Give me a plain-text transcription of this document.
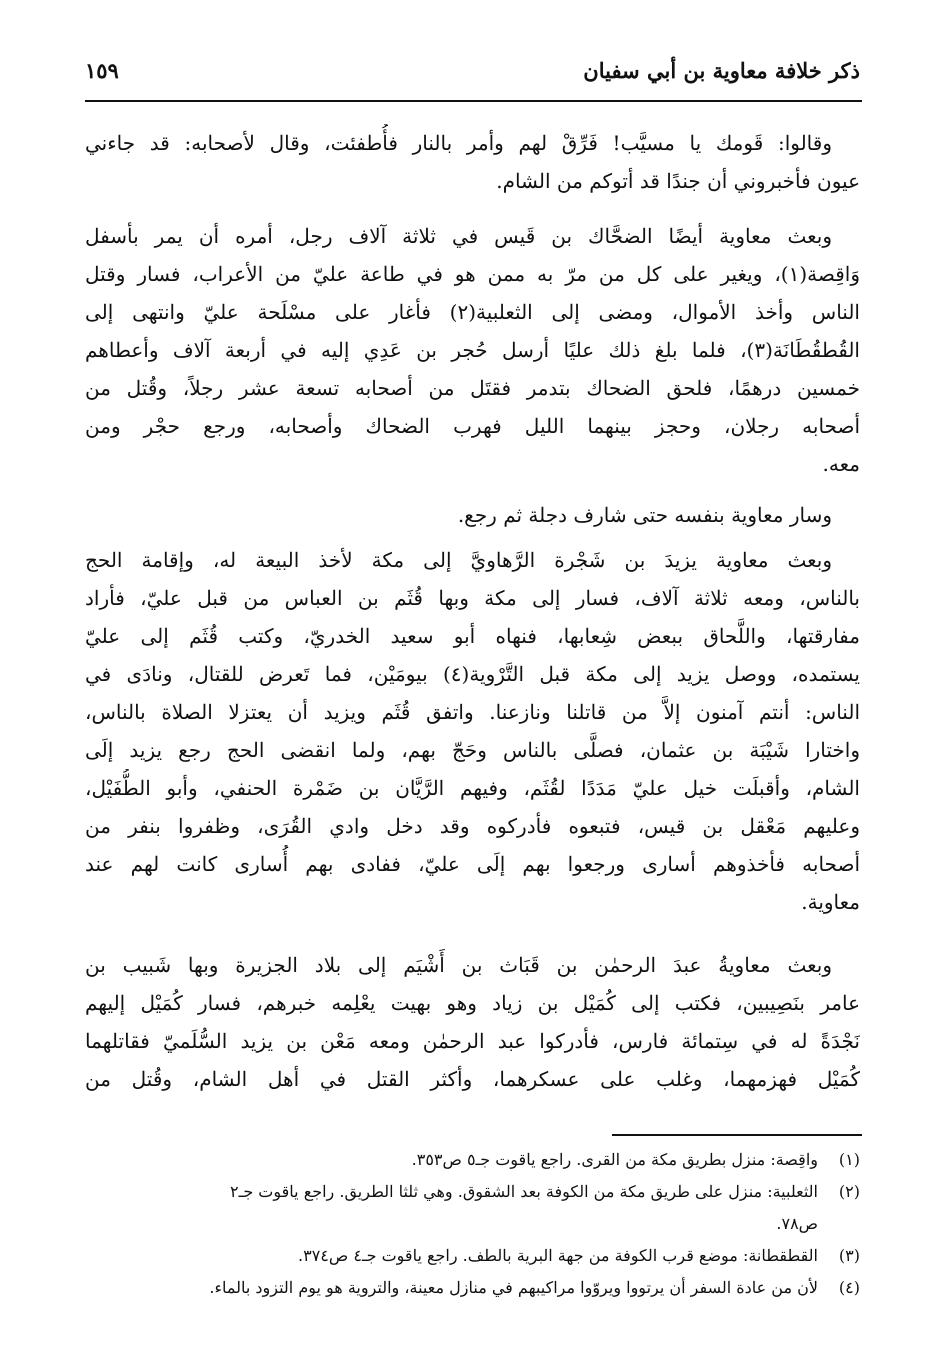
ذكر خلافة معاوية بن أبي سفيان
١٥٩
وقالوا: قَومك يا مسيَّب! فَرِّقْ لهم وأمر بالنار فأُطفئت، وقال لأصحابه: قد جاءني
عيون فأخبروني أن جندًا قد أتوكم من الشام.
وبعث معاوية أيضًا الضحَّاك بن قَيس في ثلاثة آلاف رجل، أمره أن يمر بأسفل
وَاقِصة(١)، ويغير على كل من مرّ به ممن هو في طاعة عليّ من الأعراب، فسار وقتل
الناس وأخذ الأموال، ومضى إلى الثعلبية(٢) فأغار على مسْلَحة عليّ وانتهى إلى
القُطقُطَانَة(٣)، فلما بلغ ذلك عليًا أرسل حُجر بن عَدِي إليه في أربعة آلاف وأعطاهم
خمسين درهمًا، فلحق الضحاك بتدمر فقتَل من أصحابه تسعة عشر رجلاً، وقُتل من
أصحابه رجلان، وحجز بينهما الليل فهرب الضحاك وأصحابه، ورجع حجْر ومن
معه.
وسار معاوية بنفسه حتى شارف دجلة ثم رجع.
وبعث معاوية يزيدَ بن شَجْرة الرَّهاويَّ إلى مكة لأخذ البيعة له، وإقامة الحج
بالناس، ومعه ثلاثة آلاف، فسار إلى مكة وبها قُثَم بن العباس من قبل عليّ، فأراد
مفارقتها، واللَّحاق ببعض شِعابها، فنهاه أبو سعيد الخدريّ، وكتب قُثَم إلى عليّ
يستمده، ووصل يزيد إلى مكة قبل التَّرْوية(٤) بيومَيْن، فما تَعرض للقتال، ونادَى في
الناس: أنتم آمنون إلاَّ من قاتلنا ونازعنا. واتفق قُثَم ويزيد أن يعتزلا الصلاة بالناس،
واختارا شَيْبَة بن عثمان، فصلَّى بالناس وحَجّ بهم، ولما انقضى الحج رجع يزيد إلَى
الشام، وأقبلَت خيل عليّ مَدَدًا لقُثَم، وفيهم الرَّيَّان بن ضَمْرة الحنفي، وأبو الطُّفَيْل،
وعليهم مَعْقل بن قيس، فتبعوه فأدركوه وقد دخل وادي القُرَى، وظفروا بنفر من
أصحابه فأخذوهم أسارى ورجعوا بهم إلَى عليّ، ففادى بهم أُسارى كانت لهم عند
معاوية.
وبعث معاويةُ عبدَ الرحمٰن بن قَبَاث بن أَشْيَم إلى بلاد الجزيرة وبها شَبيب بن
عامر بنَصِيبين، فكتب إلى كُمَيْل بن زياد وهو بهيت يعْلِمه خبرهم، فسار كُمَيْل إليهم
نَجْدَةً له في سِتمائة فارس، فأدركوا عبد الرحمٰن ومعه مَعْن بن يزيد السُّلَميّ فقاتلهما
كُمَيْل فهزمهما، وغلب على عسكرهما، وأكثر القتل في أهل الشام، وقُتل من
(١)
واقِصة: منزل بطريق مكة من القرى. راجع ياقوت جـ٥ ص٣٥٣.
(٢)
الثعلبية: منزل على طريق مكة من الكوفة بعد الشقوق. وهي ثلثا الطريق. راجع ياقوت جـ٢
ص٧٨.
(٣)
القطقطانة: موضع قرب الكوفة من جهة البرية بالطف. راجع ياقوت جـ٤ ص٣٧٤.
(٤)
لأن من عادة السفر أن يرتووا ويروّوا مراكيبهم في منازل معينة، والتروية هو يوم التزود بالماء.
